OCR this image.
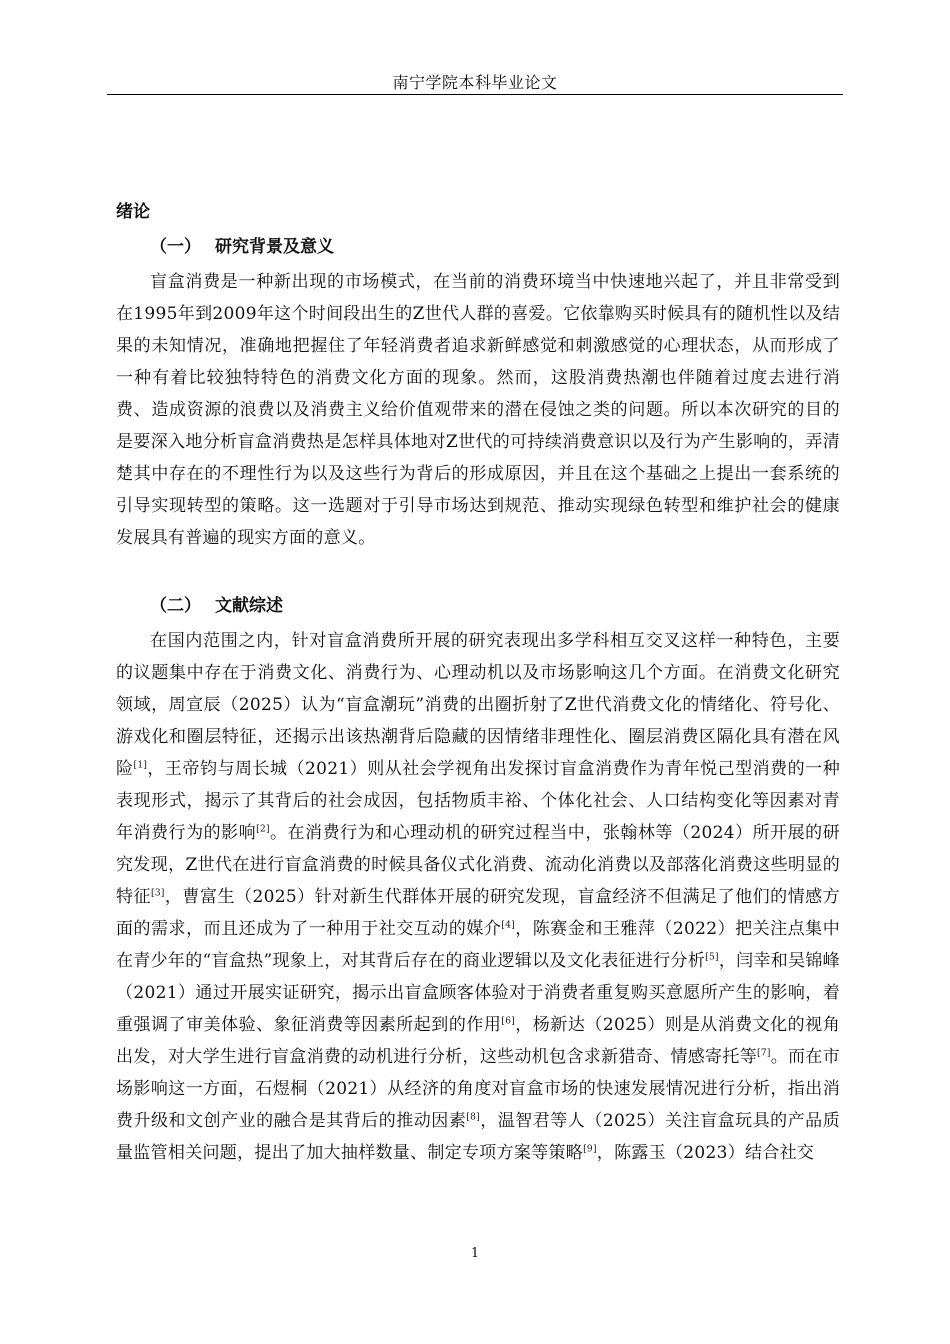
南宁学院本科毕业论文
绪论
（一） 研究背景及意义

盲盒消费是一种新出现的市场模式，在当前的消费环境当中快速地兴起了，并且非常受到在1995年到2009年这个时间段出生的Z世代人群的喜爱。它依靠购买时候具有的随机性以及结果的未知情况，准确地把握住了年轻消费者追求新鲜感觉和刺激感觉的心理状态，从而形成了一种有着比较独特特色的消费文化方面的现象。然而，这股消费热潮也伴随着过度去进行消费、造成资源的浪费以及消费主义给价值观带来的潜在侵蚀之类的问题。所以本次研究的目的是要深入地分析盲盒消费热是怎样具体地对Z世代的可持续消费意识以及行为产生影响的，弄清楚其中存在的不理性行为以及这些行为背后的形成原因，并且在这个基础之上提出一套系统的引导实现转型的策略。这一选题对于引导市场达到规范、推动实现绿色转型和维护社会的健康发展具有普遍的现实方面的意义。

（二） 文献综述

在国内范围之内，针对盲盒消费所开展的研究表现出多学科相互交叉这样一种特色，主要的议题集中存在于消费文化、消费行为、心理动机以及市场影响这几个方面。在消费文化研究领域，周宣辰（2025）认为“盲盒潮玩”消费的出圈折射了Z世代消费文化的情绪化、符号化、游戏化和圈层特征，还揭示出该热潮背后隐藏的因情绪非理性化、圈层消费区隔化具有潜在风险[1]，王帝钧与周长城（2021）则从社会学视角出发探讨盲盒消费作为青年悦己型消费的一种表现形式，揭示了其背后的社会成因，包括物质丰裕、个体化社会、人口结构变化等因素对青年消费行为的影响[2]。在消费行为和心理动机的研究过程当中，张翰林等（2024）所开展的研究发现，Z世代在进行盲盒消费的时候具备仪式化消费、流动化消费以及部落化消费这些明显的特征[3]，曹富生（2025）针对新生代群体开展的研究发现，盲盒经济不但满足了他们的情感方面的需求，而且还成为了一种用于社交互动的媒介[4]，陈赛金和王雅萍（2022）把关注点集中在青少年的“盲盒热”现象上，对其背后存在的商业逻辑以及文化表征进行分析[5]，闫幸和吴锦峰（2021）通过开展实证研究，揭示出盲盒顾客体验对于消费者重复购买意愿所产生的影响，着重强调了审美体验、象征消费等因素所起到的作用[6]，杨新达（2025）则是从消费文化的视角出发，对大学生进行盲盒消费的动机进行分析，这些动机包含求新猎奇、情感寄托等[7]。而在市场影响这一方面，石煜桐（2021）从经济的角度对盲盒市场的快速发展情况进行分析，指出消费升级和文创产业的融合是其背后的推动因素[8]，温智君等人（2025）关注盲盒玩具的产品质量监管相关问题，提出了加大抽样数量、制定专项方案等策略[9]，陈露玉（2023）结合社交

1
